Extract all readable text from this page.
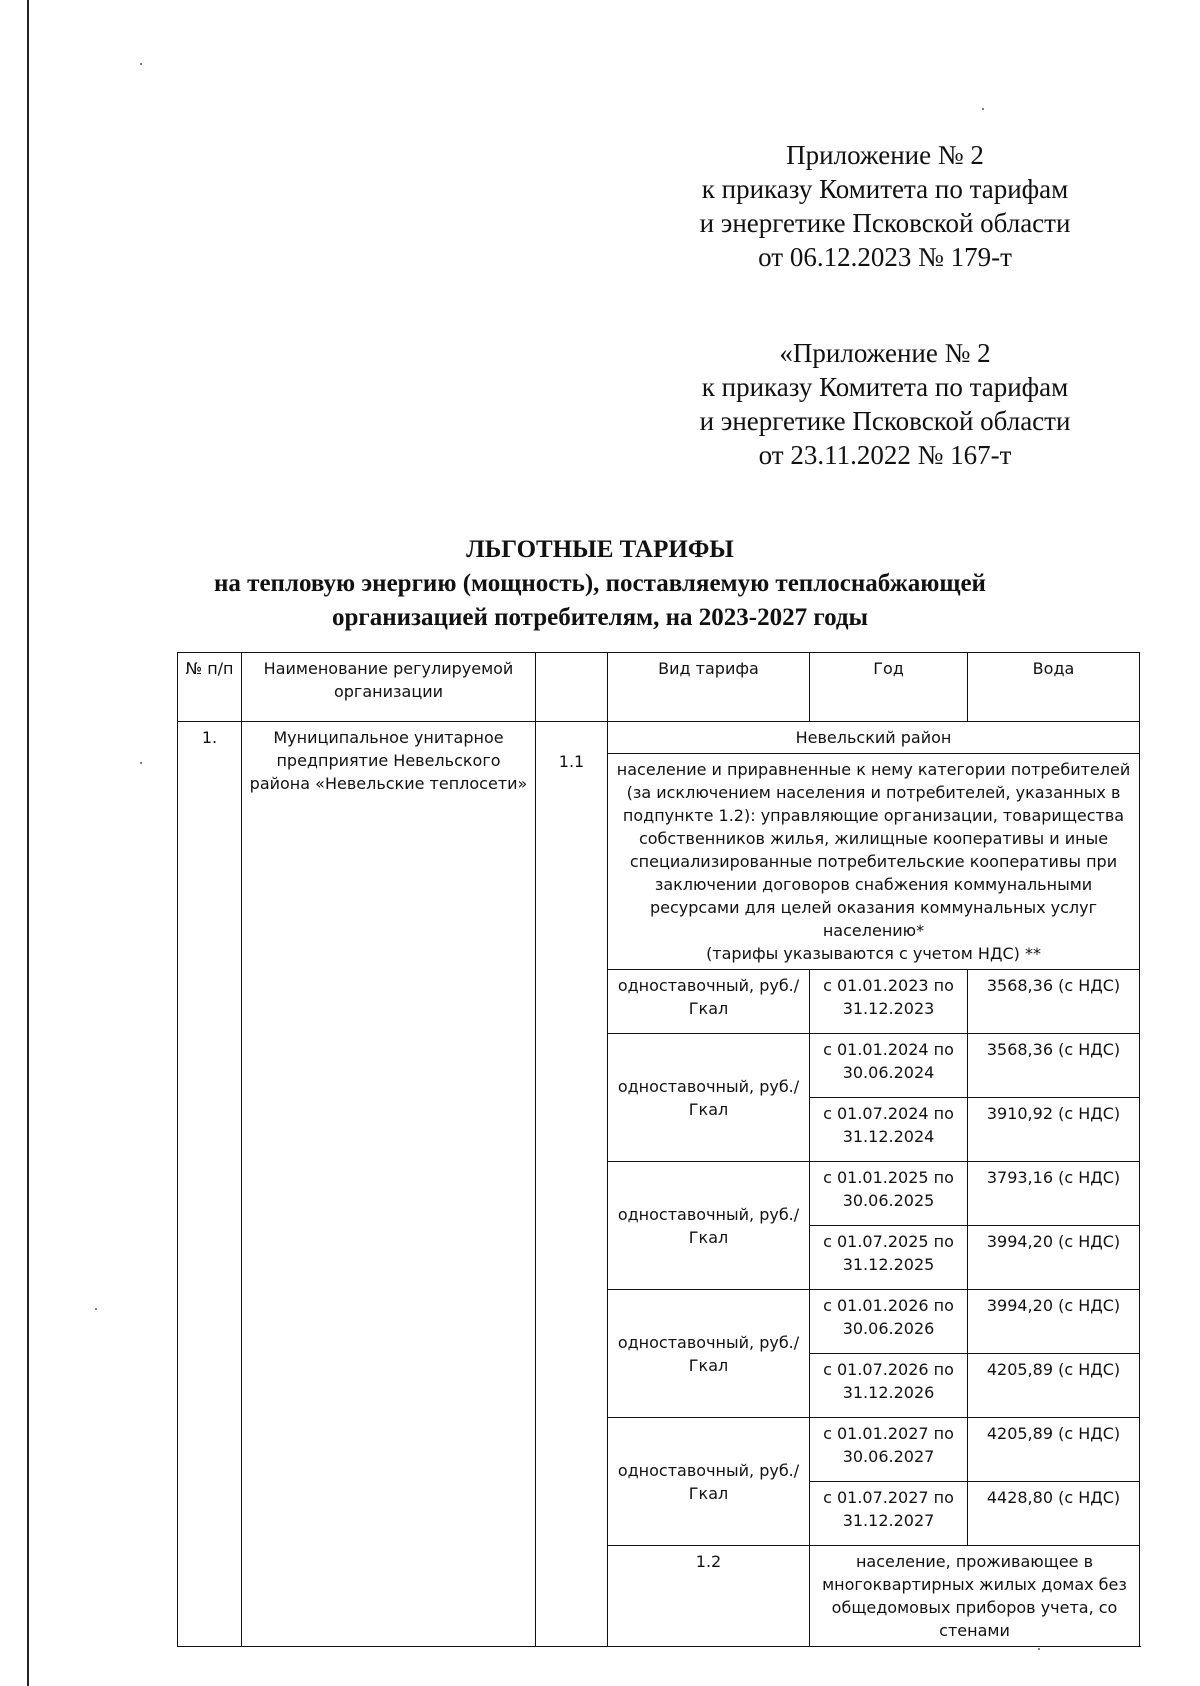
Приложение № 2
к приказу Комитета по тарифам
и энергетике Псковской области
от 06.12.2023 № 179-т
«Приложение № 2
к приказу Комитета по тарифам
и энергетике Псковской области
от 23.11.2022 № 167-т
ЛЬГОТНЫЕ ТАРИФЫ
на тепловую энергию (мощность), поставляемую теплоснабжающей
организацией потребителям, на 2023-2027 годы
№ п/п	Наименование регулируемой организации		Вид тарифа	Год	Вода
1.	Муниципальное унитарное предприятие Невельского района «Невельские теплосети»	1.1	Невельский район		
			население и приравненные к нему категории потребителей (за исключением населения и потребителей, указанных в подпункте 1.2): управляющие организации, товарищества собственников жилья, жилищные кооперативы и иные специализированные потребительские кооперативы при заключении договоров снабжения коммунальными ресурсами для целей оказания коммунальных услуг населению*
(тарифы указываются с учетом НДС) **		
			одноставочный, руб./Гкал	с 01.01.2023 по 31.12.2023	3568,36 (с НДС)
			одноставочный, руб./Гкал	с 01.01.2024 по 30.06.2024	3568,36 (с НДС)
				с 01.07.2024 по 31.12.2024	3910,92 (с НДС)
			одноставочный, руб./Гкал	с 01.01.2025 по 30.06.2025	3793,16 (с НДС)
				с 01.07.2025 по 31.12.2025	3994,20 (с НДС)
			одноставочный, руб./Гкал	с 01.01.2026 по 30.06.2026	3994,20 (с НДС)
				с 01.07.2026 по 31.12.2026	4205,89 (с НДС)
			одноставочный, руб./Гкал	с 01.01.2027 по 30.06.2027	4205,89 (с НДС)
				с 01.07.2027 по 31.12.2027	4428,80 (с НДС)
			1.2	население, проживающее в многоквартирных жилых домах без общедомовых приборов учета, со стенами	
